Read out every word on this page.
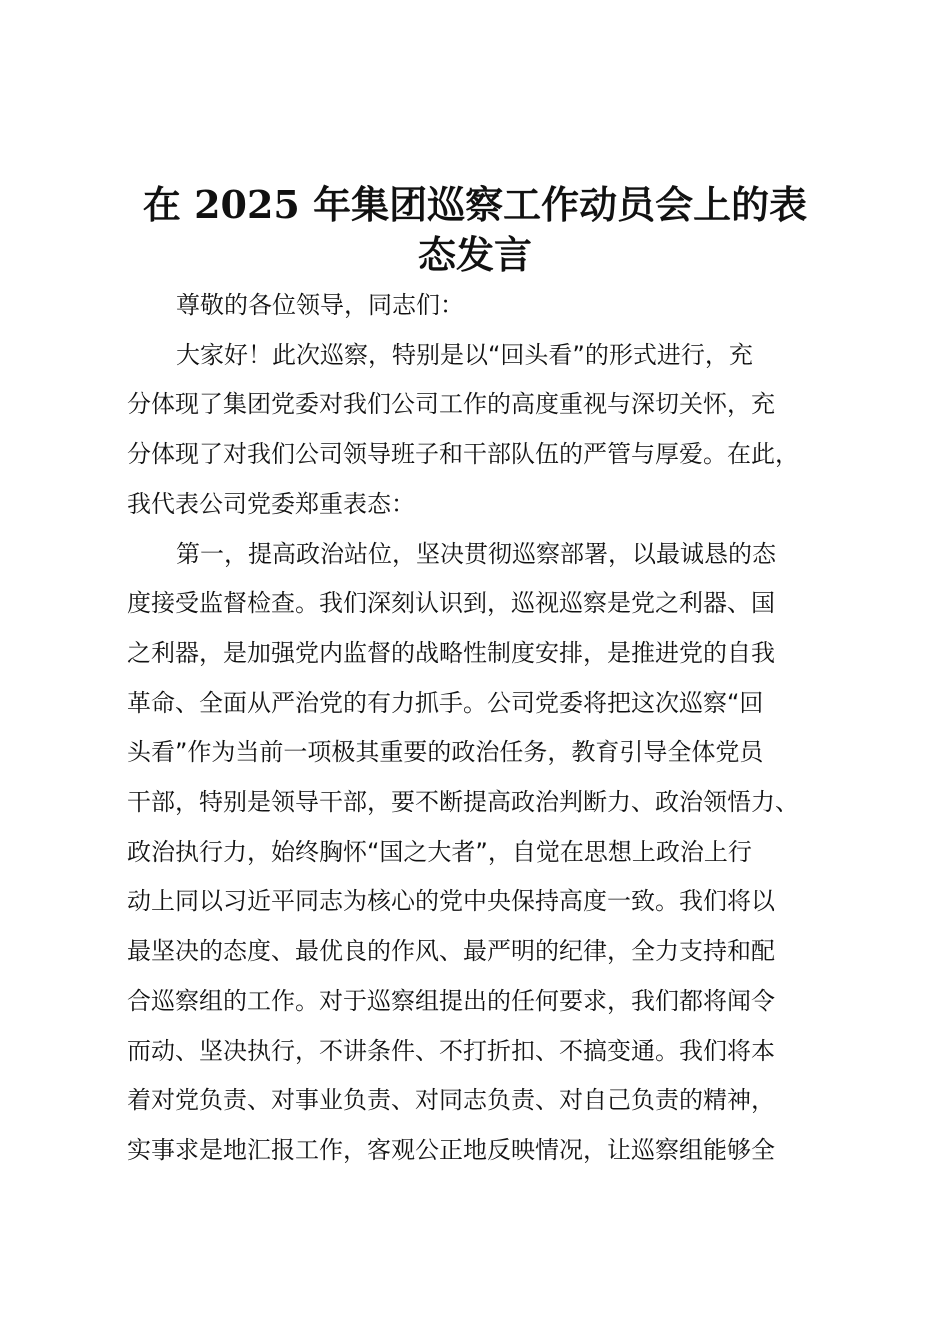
在 2025 年集团巡察工作动员会上的表
态发言
尊敬的各位领导，同志们：
大家好！此次巡察，特别是以“回头看”的形式进行，充
分体现了集团党委对我们公司工作的高度重视与深切关怀，充
分体现了对我们公司领导班子和干部队伍的严管与厚爱。在此，
我代表公司党委郑重表态：
第一，提高政治站位，坚决贯彻巡察部署，以最诚恳的态
度接受监督检查。我们深刻认识到，巡视巡察是党之利器、国
之利器，是加强党内监督的战略性制度安排，是推进党的自我
革命、全面从严治党的有力抓手。公司党委将把这次巡察“回
头看”作为当前一项极其重要的政治任务，教育引导全体党员
干部，特别是领导干部，要不断提高政治判断力、政治领悟力、
政治执行力，始终胸怀“国之大者”，自觉在思想上政治上行
动上同以习近平同志为核心的党中央保持高度一致。我们将以
最坚决的态度、最优良的作风、最严明的纪律，全力支持和配
合巡察组的工作。对于巡察组提出的任何要求，我们都将闻令
而动、坚决执行，不讲条件、不打折扣、不搞变通。我们将本
着对党负责、对事业负责、对同志负责、对自己负责的精神，
实事求是地汇报工作，客观公正地反映情况，让巡察组能够全
